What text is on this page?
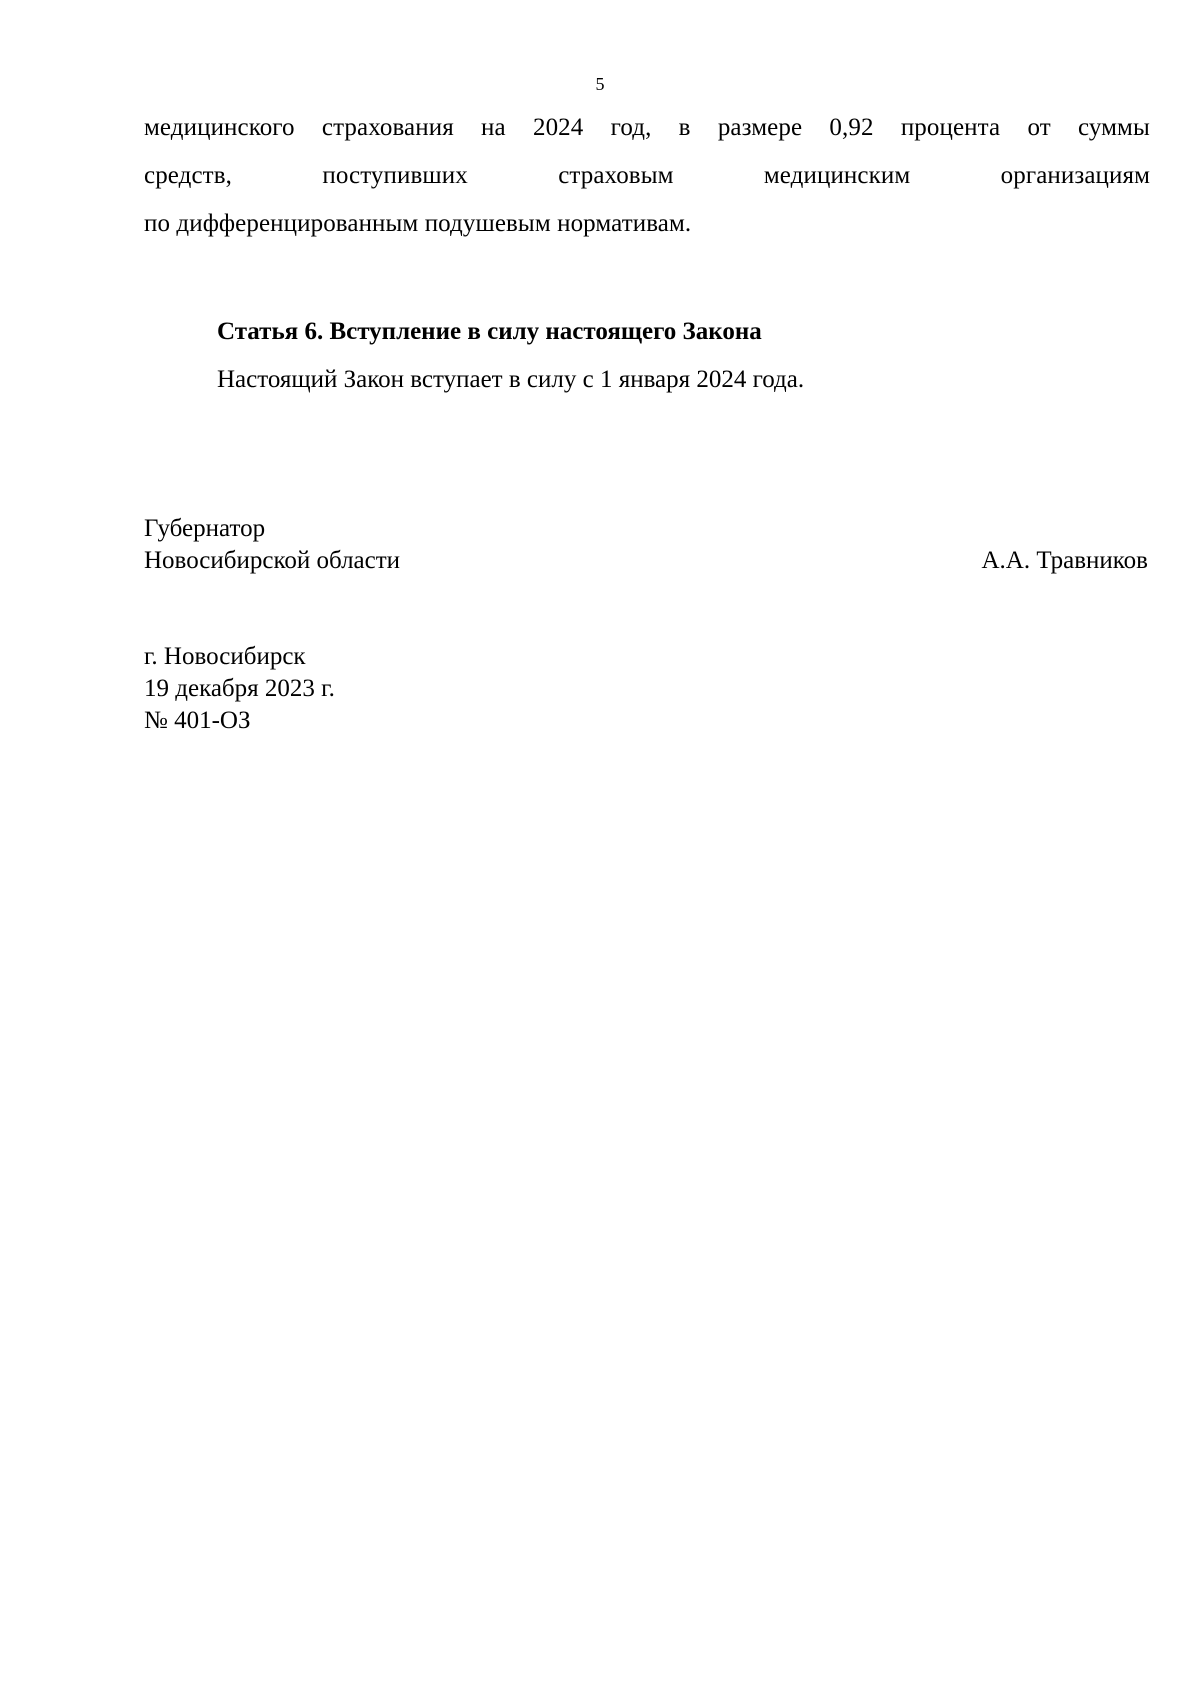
5
медицинского страхования на 2024 год, в размере 0,92 процента от суммы
средств,	поступивших	страховым	медицинским	организациям
по дифференцированным подушевым нормативам.
Статья 6. Вступление в силу настоящего Закона
Настоящий Закон вступает в силу с 1 января 2024 года.
Губернатор
Новосибирской области	А.А. Травников
г. Новосибирск
19 декабря 2023 г.
№ 401-ОЗ
